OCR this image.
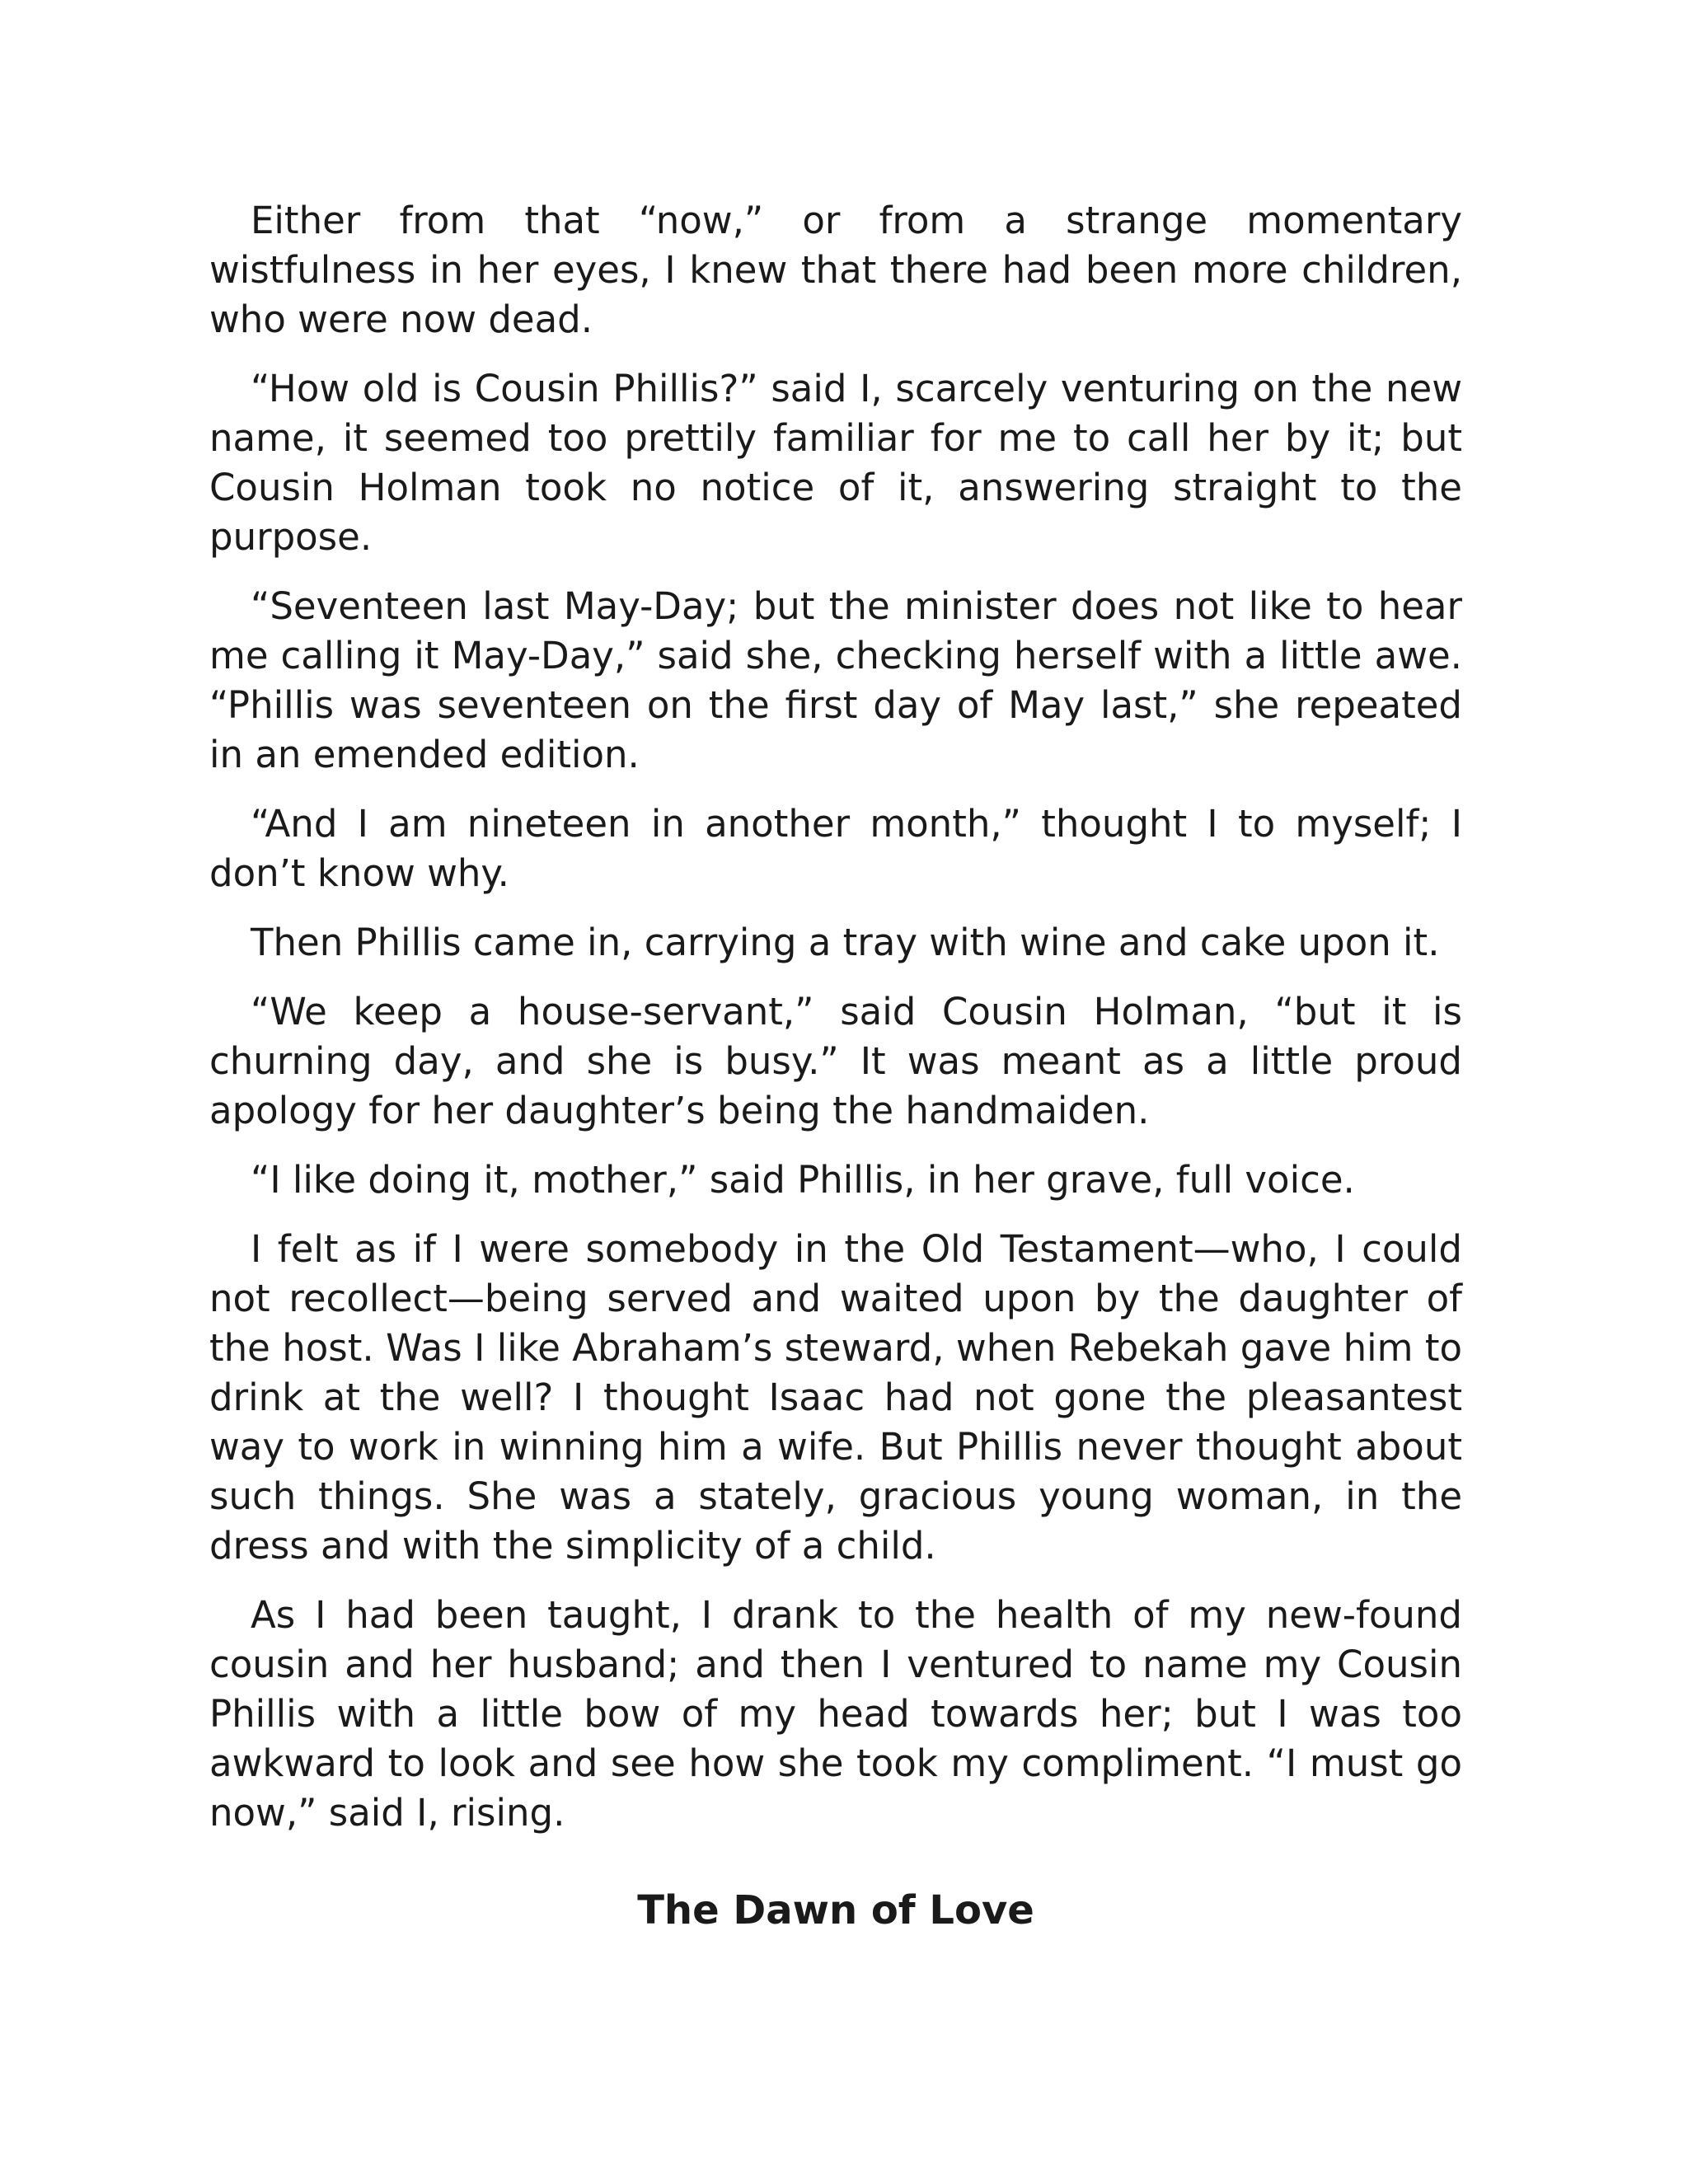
Either from that “now,” or from a strange momentary wistfulness in her eyes, I knew that there had been more children, who were now dead.

“How old is Cousin Phillis?” said I, scarcely venturing on the new name, it seemed too prettily familiar for me to call her by it; but Cousin Holman took no notice of it, answering straight to the purpose.

“Seventeen last May-Day; but the minister does not like to hear me calling it May-Day,” said she, checking herself with a little awe. “Phillis was seventeen on the first day of May last,” she repeated in an emended edition.

“And I am nineteen in another month,” thought I to myself; I don’t know why.

Then Phillis came in, carrying a tray with wine and cake upon it.

“We keep a house-servant,” said Cousin Holman, “but it is churning day, and she is busy.” It was meant as a little proud apology for her daughter’s being the handmaiden.

“I like doing it, mother,” said Phillis, in her grave, full voice.

I felt as if I were somebody in the Old Testament—who, I could not recollect—being served and waited upon by the daughter of the host. Was I like Abraham’s steward, when Rebekah gave him to drink at the well? I thought Isaac had not gone the pleasantest way to work in winning him a wife. But Phillis never thought about such things. She was a stately, gracious young woman, in the dress and with the simplicity of a child.

As I had been taught, I drank to the health of my new-found cousin and her husband; and then I ventured to name my Cousin Phillis with a little bow of my head towards her; but I was too awkward to look and see how she took my compliment. “I must go now,” said I, rising.

The Dawn of Love
